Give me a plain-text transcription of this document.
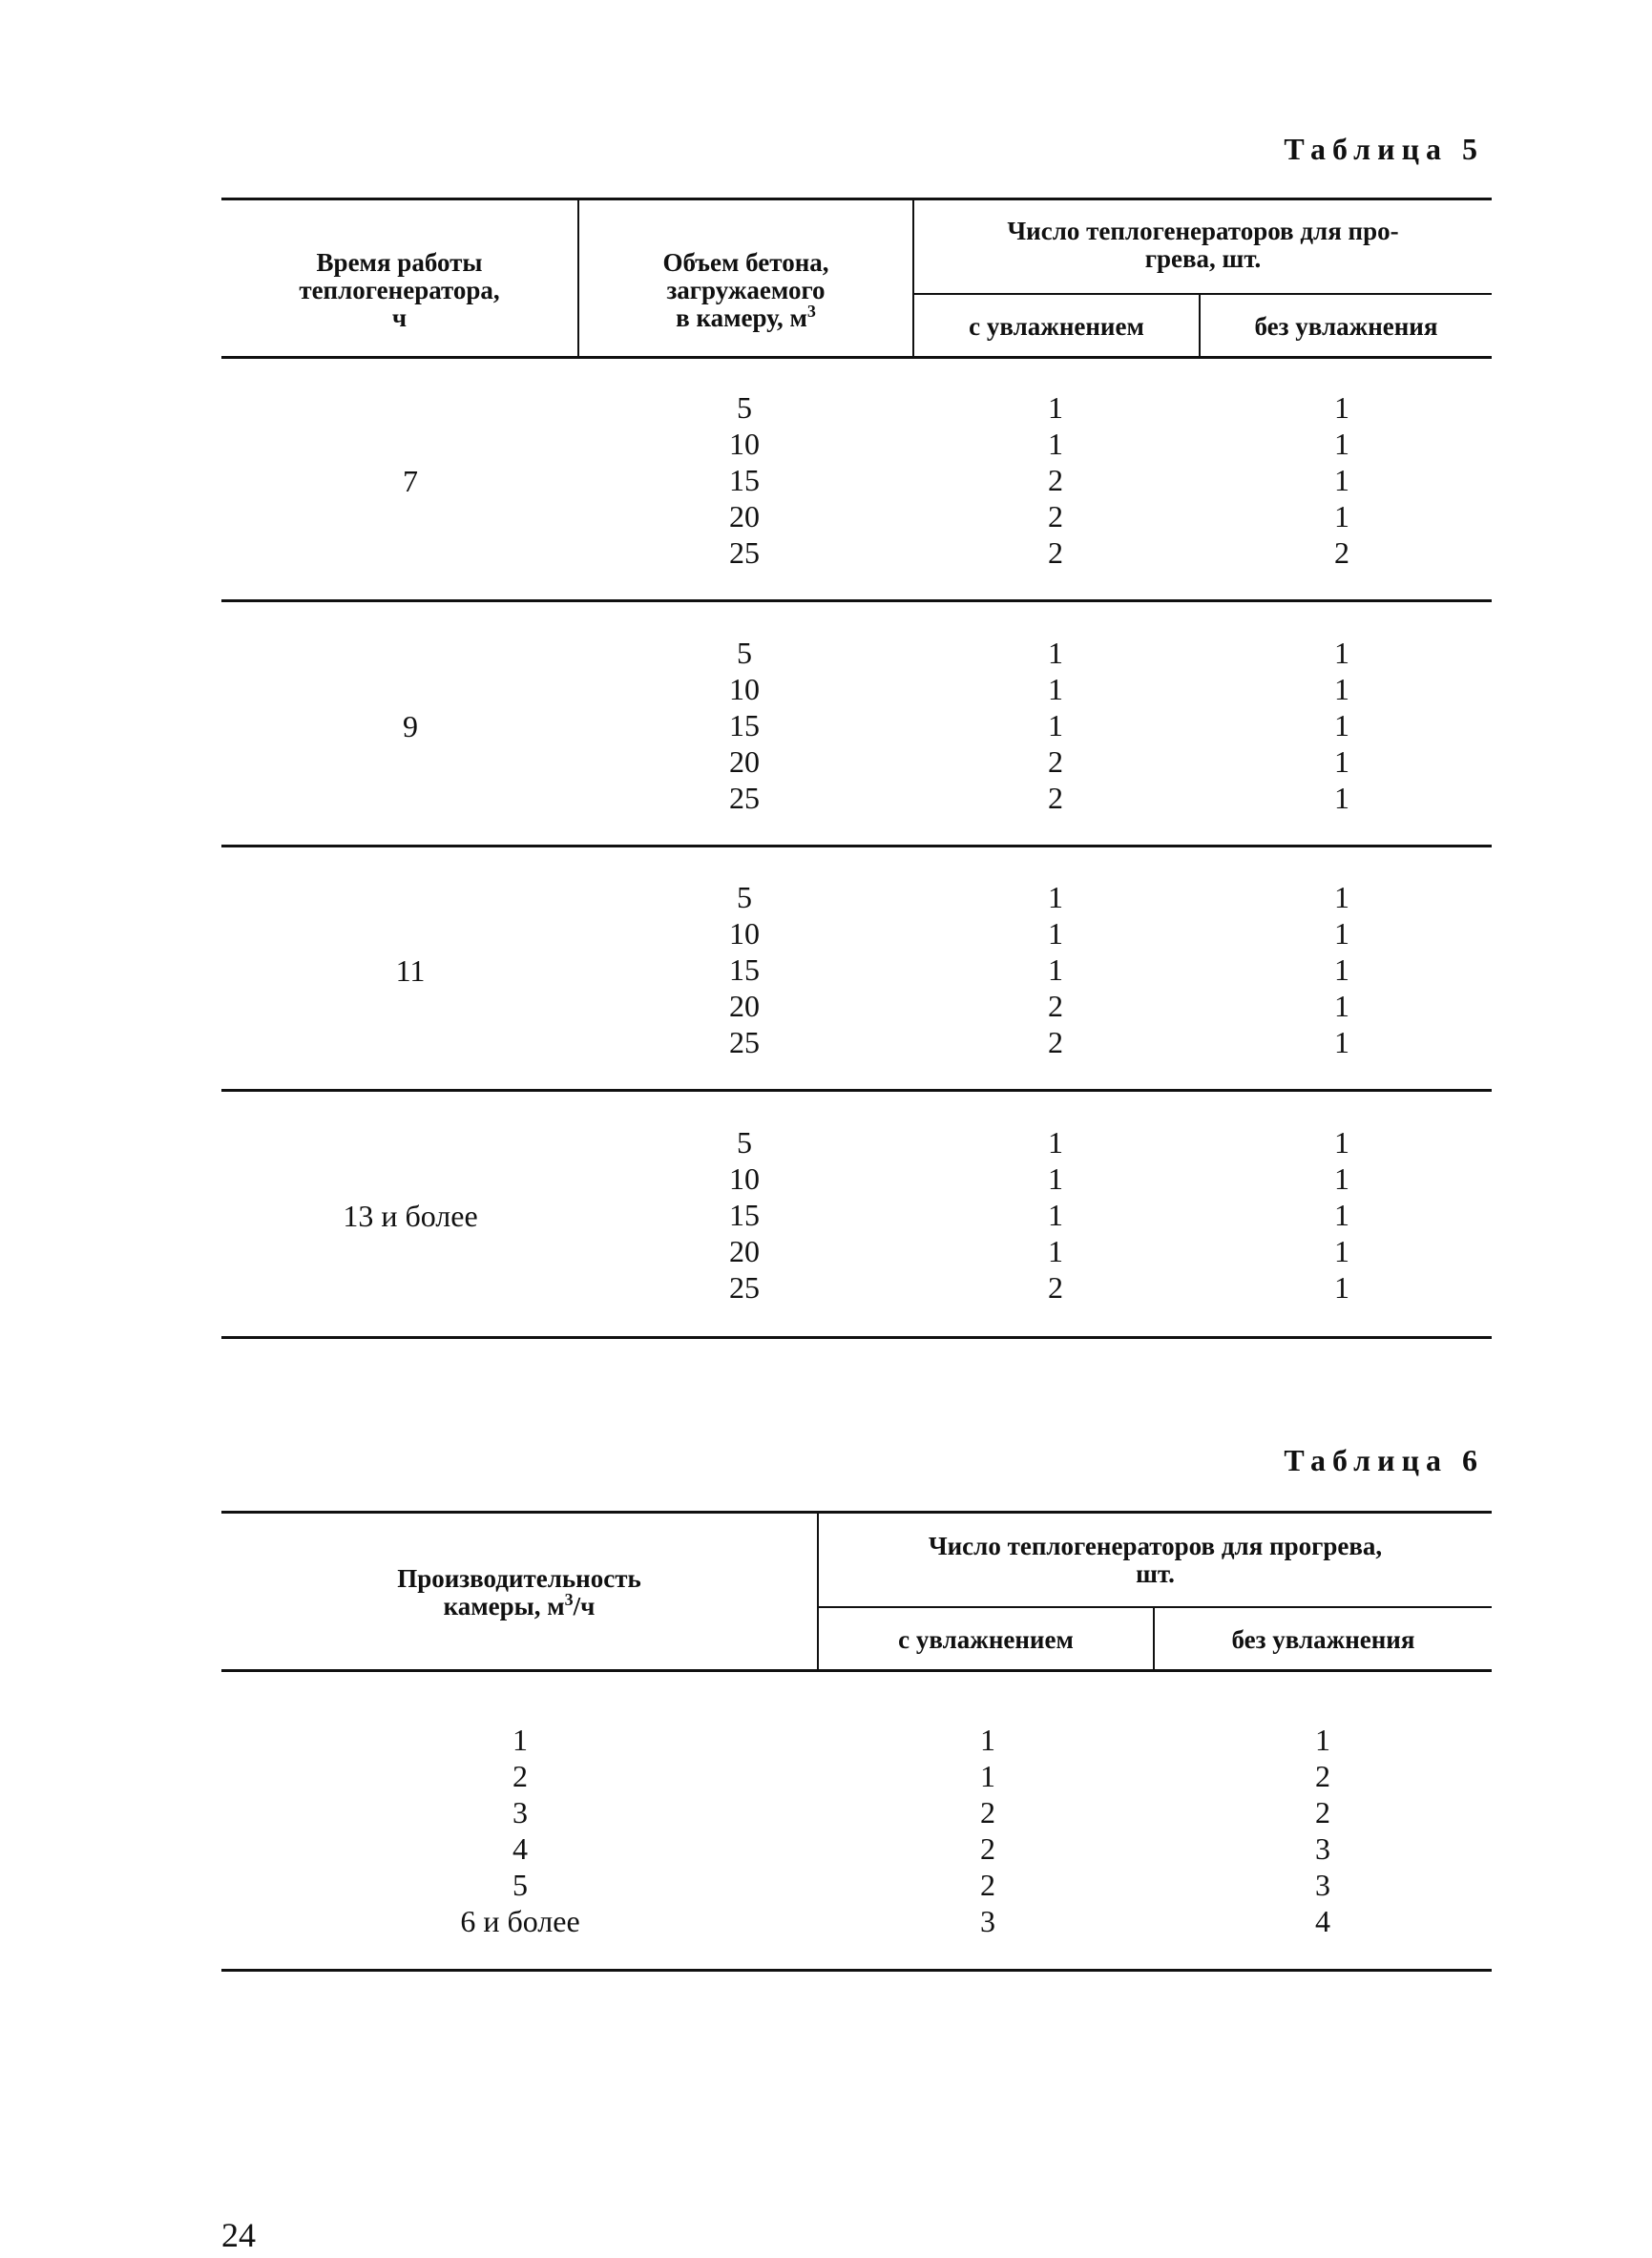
Таблица 5
Время работы
теплогенератора,
ч
Объем бетона,
загружаемого
в камеру, $м^3$
Число теплогенераторов для про-
грева, шт.
с увлажнением	без увлажнения
7
5
10
15
20
25
1
1
2
2
2
1
1
1
1
2
9
5
10
15
20
25
1
1
1
2
2
1
1
1
1
1
11
5
10
15
20
25
1
1
1
2
2
1
1
1
1
1
13 и более
5
10
15
20
25
1
1
1
1
2
1
1
1
1
1
Таблица 6
Производительность
камеры, $м^3/ч$
Число теплогенераторов для прогрева,
шт.
с увлажнением	без увлажнения
1
2
3
4
5
6 и более
1
1
2
2
2
3
1
2
2
3
3
4
24
